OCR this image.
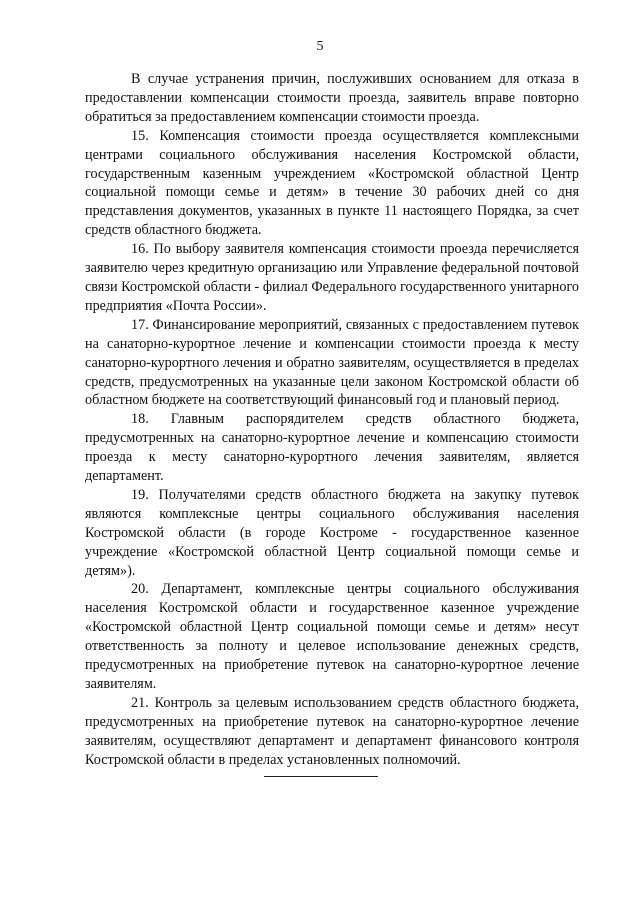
5

В случае устранения причин, послуживших основанием для отказа в предоставлении компенсации стоимости проезда, заявитель вправе повторно обратиться за предоставлением компенсации стоимости проезда.

15. Компенсация стоимости проезда осуществляется комплексными центрами социального обслуживания населения Костромской области, государственным казенным учреждением «Костромской областной Центр социальной помощи семье и детям» в течение 30 рабочих дней со дня представления документов, указанных в пункте 11 настоящего Порядка, за счет средств областного бюджета.

16. По выбору заявителя компенсация стоимости проезда перечисляется заявителю через кредитную организацию или Управление федеральной почтовой связи Костромской области - филиал Федерального государственного унитарного предприятия «Почта России».

17. Финансирование мероприятий, связанных с предоставлением путевок на санаторно-курортное лечение и компенсации стоимости проезда к месту санаторно-курортного лечения и обратно заявителям, осуществляется в пределах средств, предусмотренных на указанные цели законом Костромской области об областном бюджете на соответствующий финансовый год и плановый период.

18. Главным распорядителем средств областного бюджета, предусмотренных на санаторно-курортное лечение и компенсацию стоимости проезда к месту санаторно-курортного лечения заявителям, является департамент.

19. Получателями средств областного бюджета на закупку путевок являются комплексные центры социального обслуживания населения Костромской области (в городе Костроме - государственное казенное учреждение «Костромской областной Центр социальной помощи семье и детям»).

20. Департамент, комплексные центры социального обслуживания населения Костромской области и государственное казенное учреждение «Костромской областной Центр социальной помощи семье и детям» несут ответственность за полноту и целевое использование денежных средств, предусмотренных на приобретение путевок на санаторно-курортное лечение заявителям.

21. Контроль за целевым использованием средств областного бюджета, предусмотренных на приобретение путевок на санаторно-курортное лечение заявителям, осуществляют департамент и департамент финансового контроля Костромской области в пределах установленных полномочий.
